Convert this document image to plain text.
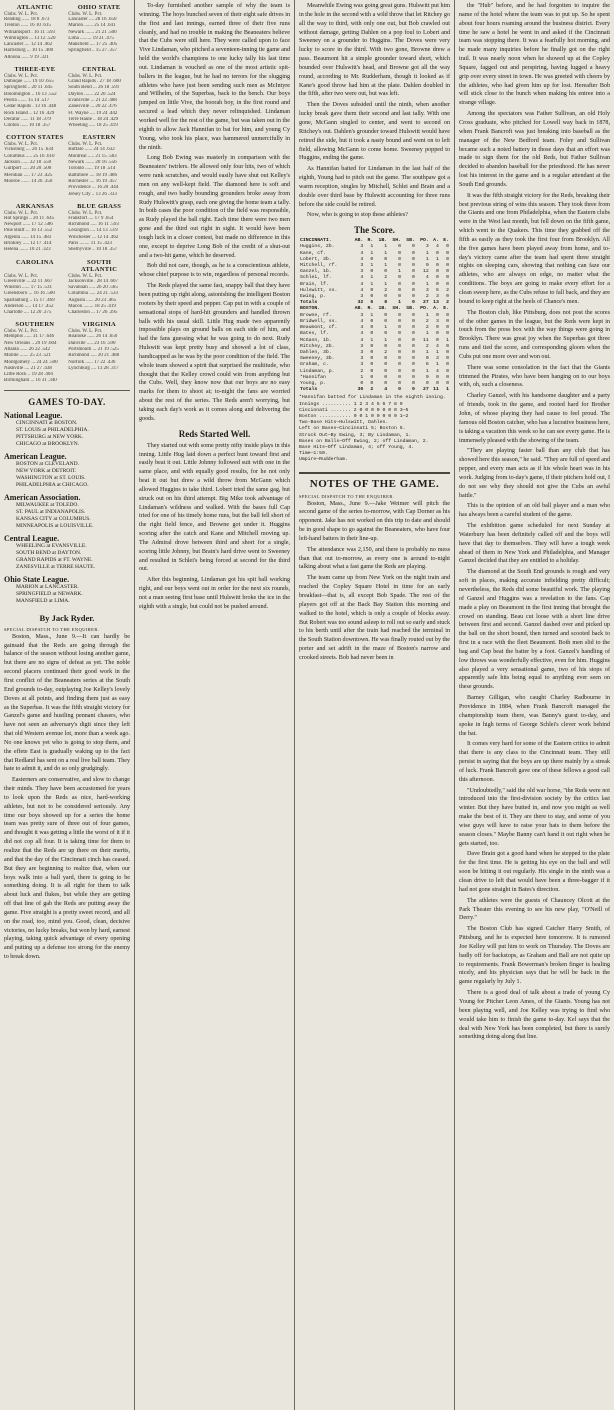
ATLANTIC	OHIO STATE
Clubs. W. L. Pct.	Clubs. W. L. Pct.
Reading ...... 18 8 .673	Lancaster .... 28 16 .650
Trenton ...... 16 10 .615	Marion ....... 25 14 .641
Williamsport . 16 11 .593	Newark ....... 21 21 .500
Wilmington ... 13 12 .520	Lima ......... 19 21 .475
Lancaster .... 12 14 .462	Mansfield .... 17 25 .405
Harrisburg ... 10 15 .400	Springfield .. 15 27 .357
Altoona ...... 9 19 .321
THREE-EYE	CENTRAL
Clubs. W. L. Pct.	Clubs. W. L. Pct.
Dubuque ...... 19 10 .655	Grand Rapids . 27 18 .600
Springfield .. 20 11 .645	South Bend ... 26 18 .591
Bloomington .. 16 13 .552	Dayton ....... 22 20 .524
Peoria ....... 15 14 .517	Evansville ... 21 22 .488
Cedar Rapids . 13 16 .448	Zanesville ... 20 22 .476
Rock Island .. 12 16 .429	Ft. Wayne .... 19 24 .442
Decatur ...... 11 18 .379	Terre Haute .. 18 24 .429
Clinton ...... 10 18 .357	Wheeling ..... 18 25 .419
COTTON STATES	EASTERN
Clubs. W. L. Pct.	Clubs. W. L. Pct.
Vicksburg .... 26 15 .634	Buffalo ...... 24 14 .632
Columbus ..... 25 16 .610	Montreal ..... 21 15 .583
Jackson ...... 22 18 .550	Newark ....... 20 16 .556
Gulfport ..... 20 20 .500	Toronto ...... 19 18 .514
Meridian ..... 17 23 .425	Baltimore .... 18 19 .486
Monroe ....... 14 26 .350	Rochester .... 16 19 .457
Providence ... 16 20 .444
Jersey City .. 13 26 .333
ARKANSAS	BLUE GRASS
Clubs. W. L. Pct.	Clubs. W. L. Pct.
Hot Springs .. 20 11 .645	Frankfort .... 17 9 .654
Newport ...... 17 12 .586	Richmond ..... 16 11 .593
Pine Bluff ... 16 13 .552	Lexington .... 14 13 .519
Argenta ...... 14 15 .483	Winchester ... 12 14 .462
Brinkley ..... 12 17 .414	Paris ........ 11 15 .423
Helena ....... 10 21 .323	Shelbyville .. 10 18 .357
CAROLINA	SOUTH ATLANTIC
Clubs. W. L. Pct.	Clubs. W. L. Pct.
Greenville ... 22 11 .667	Jacksonville . 28 14 .667
Winston ...... 17 15 .531	Savannah ..... 26 20 .565
Greensboro ... 16 16 .500	Columbia ..... 24 21 .533
Spartanburg .. 15 17 .469	Augusta ...... 20 23 .465
Anderson ..... 14 17 .452	Macon ........ 18 25 .419
Charlotte .... 12 20 .375	Charleston ... 17 26 .395
SOUTHERN	VIRGINIA
Clubs. W. L. Pct.	Clubs. W. L. Pct.
Memphis ...... 31 17 .646	Roanoke ...... 26 14 .650
New Orleans .. 29 19 .604	Danville ..... 23 16 .590
Atlanta ...... 26 22 .542	Portsmouth ... 21 19 .525
Mobile ....... 25 23 .521	Richmond ..... 20 21 .488
Montgomery ... 24 24 .500	Norfolk ...... 17 22 .436
Nashville .... 21 27 .438	Lynchburg .... 13 28 .317
Little Rock .. 19 28 .404
Birmingham ... 16 31 .340
GAMES TO-DAY.
National League.
CINCINNATI at BOSTON.
ST. LOUIS at PHILADELPHIA.
PITTSBURG at NEW YORK.
CHICAGO at BROOKLYN.
American League.
BOSTON at CLEVELAND.
NEW YORK at DETROIT.
WASHINGTON at ST. LOUIS.
PHILADELPHIA at CHICAGO.
American Association.
MILWAUKEE at TOLEDO.
ST. PAUL at INDIANAPOLIS.
KANSAS CITY at COLUMBUS.
MINNEAPOLIS at LOUISVILLE.
Central League.
WHEELING at EVANSVILLE.
SOUTH BEND at DAYTON.
GRAND RAPIDS at FT. WAYNE.
ZANESVILLE at TERRE HAUTE.
Ohio State League.
MARION at LANCASTER.
SPRINGFIELD at NEWARK.
MANSFIELD at LIMA.
By Jack Ryder.
SPECIAL DISPATCH TO THE ENQUIRER.

Boston, Mass., June 9.—It can hardly be gainsaid that the Reds are going through the balance of the season without losing another game, but there are no signs of defeat as yet. The noble second placers continued their good work in the first conflict of the Beaneaters series at the South End grounds to-day, outplaying Joe Kelley's lovely Doves at all points, and finding them just as easy as the Superbas. It was the fifth straight victory for Ganzel's game and hustling pennant chasers, who have not seen an adversary's digit since they left that old Western avenue lot, more than a week ago. No one knows yet who is going to stop them, and the effete East is gradually waking up to the fact that Redland has sent on a real live ball team. They hate to admit it, and do so only grudgingly.

Easterners are conservative, and slow to change their minds. They have been accustomed for years to look upon the Reds as nice, hard-working athletes, but not to be considered seriously. Any time our boys showed up for a series the home team was pretty sure of three out of four games, and thought it was getting a little the worst of it if it did not cop all four. It is taking time for them to realize that the Reds are up there on their merits, and that the day of the Cincinnati cinch has ceased. But they are beginning to realize that, when our boys walk into a ball yard, there is going to be something doing. It is all right for them to talk about luck and flukes, but while they are getting off that line of gab the Reds are putting away the game. Five straight is a pretty sweet record, and all on the road, too, mind you. Good, clean, decisive victories, no lucky breaks, but won by hard, earnest playing, taking quick advantage of every opening and putting up a defense too strong for the enemy to break down.

To-day furnished another sample of why the team is winning. The boys bunched seven of their eight safe drives in the first and last innings, earned three of their five runs cleanly, and had no trouble in making the Beaneaters believe that the Cubs were still here. They were called upon to face Vive Lindaman, who pitched a seventeen-inning tie game and held the world's champions to one lucky tally his last time out. Lindaman is vouched as one of the most artistic spit-ballers in the league, but he had no terrors for the slugging athletes who have just been sending such men as McIntyre and Wilhelm, of the Superbas, back to the bench. Our boys jumped on little Vive, the boorah boy, in the first round and secured a lead which they never relinquished. Lindaman worked well for the rest of the game, but was taken out in the eighth to allow Jack Hannifan to bat for him, and young Cy Young, who took his place, was hammered unmercifully in the ninth.

Long Bob Ewing was masterly in comparison with the Beaneaters' twirlers. He allowed only four hits, two of which were rank scratches, and would easily have shut out Kelley's men on any well-kept field. The diamond here is soft and rough, and two badly bounding grounders broke away from Rudy Hulswitt's grasp, each one giving the home team a tally. In both cases the poor condition of the field was responsible, as Rudy played the ball right. Each time there were two men gone and the third out right in sight. It would have been tough luck in a closer contest, but made no difference in this one, except to deprive Long Bob of the credit of a shut-out and a two-hit game, which he deserved.

Bob did not care, though, as he is a conscientious athlete, whose chief purpose is to win, regardless of personal records.

The Reds played the same fast, snappy ball that they have been putting up right along, astonishing the intelligent Boston rooters by their speed and pepper. Cap put in with a couple of sensational stops of hard-hit grounders and handled thrown balls with his usual skill. Little Hug made two apparently impossible plays on ground balls on each side of him, and had the fans guessing what he was going to do next. Rudy Hulswitt was kept pretty busy and showed a lot of class, handicapped as he was by the poor condition of the field. The whole team showed a spirit that surprised the multitude, who thought that the Kelley crowd could win from anything but the Cubs. Well, they know now that our boys are no easy marks for them to shoot at; to-night the fans are worried about the rest of the series. The Reds aren't worrying, but taking each day's work as it comes along and delivering the goods.

Reds Started Well.

They started out with some pretty nifty inside plays in this inning. Little Hug laid down a perfect bunt toward first and easily beat it out. Little Johnny followed suit with one in the same place, and with equally good results, for he not only beat it out but drew a wild throw from McGann which allowed Huggins to take third. Lobert tried the same gag, but struck out on his third attempt. Big Mike took advantage of Lindaman's wildness and walked. With the bases full Cap tried for one of his timely home runs, but the ball fell short of the right field fence, and Browne got under it. Huggins scoring after the catch and Kane and Mitchell moving up. The Admiral drove between third and short for a single, scoring little Johnny, but Brain's hard drive went to Sweeney and resulted in Schlei's being forced at second for the third out.

After this beginning, Lindaman got his spit ball working right, and our boys went out in order for the next six rounds, not a man seeing first base until Hulswitt broke the ice in the eighth with a single, but could not be pushed around.

Meanwhile Ewing was going great guns. Hulswitt put him in the hole in the second with a wild throw that let Ritchey go all the way to third, with only one out, but Bob crawled out without damage, getting Dahlen on a pop foul to Lobert and Sweeney on a grounder to Huggins. The Doves were very lucky to score in the third. With two gone, Browne drew a pass. Beaumont hit a simple grounder toward short, which bounded over Hulswitt's head, and Browne got all the way round, according to Mr. Rudderham, though it looked as if Kane's good throw had him at the plate. Dahlen doubled in the fifth, after two were out, but was left.

Then the Doves subsided until the ninth, when another lucky break gave them their second and last tally. With one gone, McGann singled to center, and went to second on Ritchey's out. Dahlen's grounder toward Hulswitt would have retired the side, but it took a nasty bound and went on to left field, allowing McGann to come home. Sweeney popped to Huggins, ending the game.

As Hannifan batted for Lindaman in the last half of the eighth, Young had to pitch out the game. The southpaw got a warm reception, singles by Mitchell, Schlei and Brain and a double over third base by Hulswitt accounting for three runs before the side could be retired.

Now, who is going to stop these athletes?

The Score.
CINCINNATI.	AB.	R.	1B.	SH.	SB.	PO.	A.	E.
Huggins, 2b.	3	1	1	0	0	3	4	0
Kane, cf.	4	1	1	0	0	1	0	0
Lobert, 3b.	4	0	0	0	0	1	1	0
Mitchell, rf.	3	1	1	0	0	0	0	0
Ganzel, 1b.	3	0	0	1	0	12	0	0
Schlei, lf.	4	1	2	0	0	4	0	0
Brain, lf.	4	1	1	0	0	1	0	0
Hulswitt, ss.	4	0	2	0	0	3	5	2
Ewing, p.	3	0	0	0	0	2	3	0
Totals	32	5	8	1	0	27	13	2
BOSTON.	AB.	R.	1B.	SH.	SB.	PO.	A.	E.
Browne, rf.	3	1	0	0	0	1	0	0
Bridwell, ss.	4	0	0	0	0	2	3	0
Beaumont, cf.	4	0	1	0	0	2	0	0
Bates, lf.	4	0	0	0	0	1	0	0
McGann, 1b.	4	1	1	0	0	11	0	1
Ritchey, 2b.	3	0	0	0	0	2	4	0
Dahlen, 3b.	3	0	2	0	0	1	1	0
Sweeney, 3b.	3	0	0	0	0	0	3	0
Graham, c.	3	0	0	0	0	6	1	0
Lindaman, p.	2	0	0	0	0	1	4	0
*Hannifan	1	0	0	0	0	0	0	0
Young, p.	0	0	0	0	0	0	0	0
Totals	30	2	4	0	0	27	11	1
*Hannifan batted for Lindaman in the eighth inning.
Innings .......... 1 2 3 4 5 6 7 8 9
Cincinnati ....... 2 0 0 0 0 0 0 0 3—5
Boston ........... 0 0 1 0 0 0 0 0 1—2
Two-Base Hits—Hulswitt, Dahlen.
Left on Bases—Cincinnati 5; Boston 5.
Struck Out—By Ewing, 3; By Lindaman, 1.
Bases on Balls—Off Ewing, 2; off Lindaman, 2.
Base Hits—Off Lindaman, 4; off Young, 4.
Time—1:50.
Umpire—Rudderham.
NOTES OF THE GAME.
SPECIAL DISPATCH TO THE ENQUIRER.

Boston, Mass., June 9.—Jake Weimer will pitch the second game of the series to-morrow, with Cap Dorner as his opponent. Jake has not worked on this trip to date and should be in good shape to go against the Beaneaters, who have four left-hand batters in their line-up.

The attendance was 2,150, and there is probably no mess than that out to-morrow, as every one is around to-night talking about what a fast game the Reds are playing.

The team came up from New York on the night train and reached the Copley Square Hotel in time for an early breakfast—that is, all except Bob Spade. The rest of the players got off at the Back Bay Station this morning and walked to the hotel, which is only a couple of blocks away. But Robert was too sound asleep to roll out so early and stuck to his berth until after the train had reached the terminal in the South Station downtown. He was finally routed out by the porter and set adrift in the maze of Boston's narrow and crooked streets. Bob had never been in

the "Hub" before, and he had forgotten to inquire the name of the hotel where the team was to put up. So he spent about four hours roaming around the business district. Every time he saw a hotel he went in and asked if the Cincinnati team was stopping there. It was a fearfully hot morning, and he made many inquiries before he finally got on the right trail. It was nearly noon when he showed up at the Copley Square, fagged out and perspiring, having lugged a heavy grip over every street in town. He was greeted with cheers by the athletes, who had given him up for lost. Hereafter Bob will stick close to the bunch when making his entree into a strange village.

Among the spectators was Father Sullivan, an old Holy Cross graduate, who pitched for Lowell way back in 1878, when Frank Bancroft was just breaking into baseball as the manager of the New Bedford team. Foley and Sullivan became such a noted battery in those days that an effort was made to sign them for the old Reds, but Father Sullivan decided to abandon baseball for the priesthood. He has never lost his interest in the game and is a regular attendant at the South End grounds.

It was the fifth straight victory for the Reds, breaking their best previous string of wins this season. They took three from the Giants and one from Philadelphia, when the Eastern clubs were in the West last month, but fell down on the fifth game, which went to the Quakers. This time they grabbed off the fifth as easily as they took the first four from Brooklyn. All the five games have been played away from home, and to-day's victory came after the team had spent three straight nights on sleeping cars, showing that nothing can faze our athletes, who are always on edge, no matter what the conditions. The boys are going to make every effort for a clean sweep here, as the Cubs refuse to fall back, and they are bound to keep right at the heels of Chance's men.

The Boston club, like Pittsburg, does not post the scores of the other games in the league, but the Reds were kept in touch from the press box with the way things were going in Brooklyn. There was great joy when the Superbas got three runs and tied the score, and corresponding gloom when the Cubs put one more over and won out.

There was some consolation in the fact that the Giants trimmed the Pirates, who have been hanging on to our boys with, oh, such a closeness.

Charley Ganzel, with his handsome daughter and a party of friends, took in the game, and rooted hard for Brother John, of whose playing they had cause to feel proud. The famous old Boston catcher, who has a lucrative business here, is taking a vacation this week so he can see every game. He is immensely pleased with the showing of the team.

"They are playing faster ball than any club that has showed here this season," he said. "They are full of speed and pepper, and every man acts as if his whole heart was in his work. Judging from to-day's game, if their pitchers hold out, I do not see why they should not give the Cubs an awful battle."

This is the opinion of an old ball player and a man who has always been a careful student of the game.

The exhibition game scheduled for next Sunday at Waterbury has been definitely called off and the boys will have that day to themselves. They will have a tough week ahead of them in New York and Philadelphia, and Manager Ganzel decided that they are entitled to a holiday.

The diamond at the South End grounds is rough and very soft in places, making accurate infielding pretty difficult; nevertheless, the Reds did some beautiful work. The playing of Ganzel and Huggins was a revelation to the fans. Cap made a play on Beaumont in the first inning that brought the crowd on standing. Beau cut loose with a short line drive between first and second. Ganzel dashed over and picked up the ball on the short bound, then turned and scooted back to first in a race with the fleet Beaumont. Both men slid to the bag and Cap beat the batter by a foot. Ganzel's handling of low throws was wonderfully effective, even for him. Huggins also played a very sensational game, two of his stops of apparently safe hits being equal to anything ever seen on these grounds.

Barney Gilligan, who caught Charley Radbourne in Providence in 1884, when Frank Bancroft managed the championship team there, was Banny's guest to-day, and spoke in high terms of George Schlei's clever work behind the bat.

It comes very hard for some of the Eastern critics to admit that there is any class to the Cincinnati team. They still persist in saying that the boys are up there mainly by a streak of luck. Frank Bancroft gave one of these fellows a good call this afternoon.

"Undoubtedly," said the old war horse, "the Reds were not introduced into the first-division society by the critics last winter. But they have butted in, and now you might as well make the best of it. They are there to stay, and some of you wise guys will have to raise your hats to them before the season closes." Maybe Banny can't hand it out right when he gets started, too.

Dave Brain got a good hand when he stepped to the plate for the first time. He is getting his eye on the ball and will soon be hitting it out regularly. His single in the ninth was a clean drive to left that would have been a three-bagger if it had not gone straight in Bates's direction.

The athletes were the guests of Chauncey Olcott at the Park Theater this evening to see his new play, "O'Neill of Derry."

The Boston Club has signed Catcher Harry Smith, of Pittsburg, and he is expected here tomorrow. It is rumored Joe Kelley will put him to work on Thursday. The Doves are badly off for backstops, as Graham and Ball are not quite up to requirements. Frank Bowerman's broken finger is healing nicely, and his physician says that he will be back in the game regularly by July 1.

There is a good deal of talk about a trade of young Cy Young for Pitcher Leon Ames, of the Giants. Young has not been playing well, and Joe Kelley was trying to find who would take him to finish the game to-day. Kel says that the deal with New York has been completed, but there is surely something doing along that line.
